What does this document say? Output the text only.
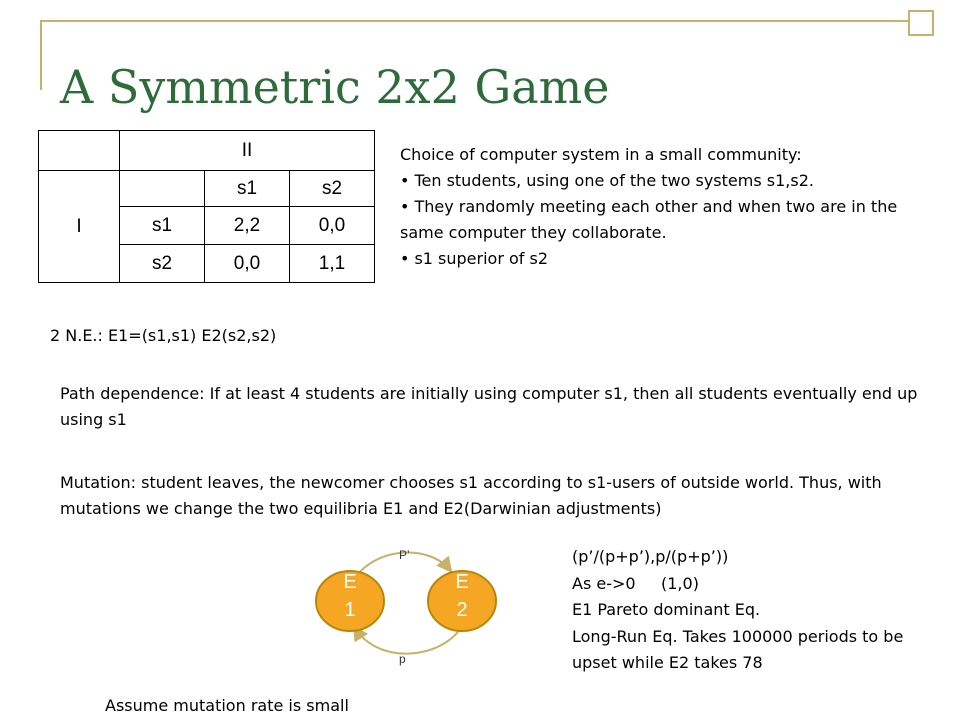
A Symmetric 2x2 Game
	II		
I		s1	s2
	s1	2,2	0,0
	s2	0,0	1,1
Choice of computer system in a small community:
• Ten students, using one of the two systems s1,s2.
• They randomly meeting each other and when two are in the same computer they collaborate.
• s1 superior of s2
2 N.E.: E1=(s1,s1) E2(s2,s2)
Path dependence: If at least 4 students are initially using computer s1, then all students eventually end up using s1
Mutation: student leaves, the newcomer chooses s1 according to s1-users of outside world. Thus, with mutations we change the two equilibria E1 and E2(Darwinian adjustments)
E
1
E
2
P’
p
(p’/(p+p’),p/(p+p’))
As e->0     (1,0)
E1 Pareto dominant Eq.
Long-Run Eq. Takes 100000 periods to be upset while E2 takes 78
Assume mutation rate is small
